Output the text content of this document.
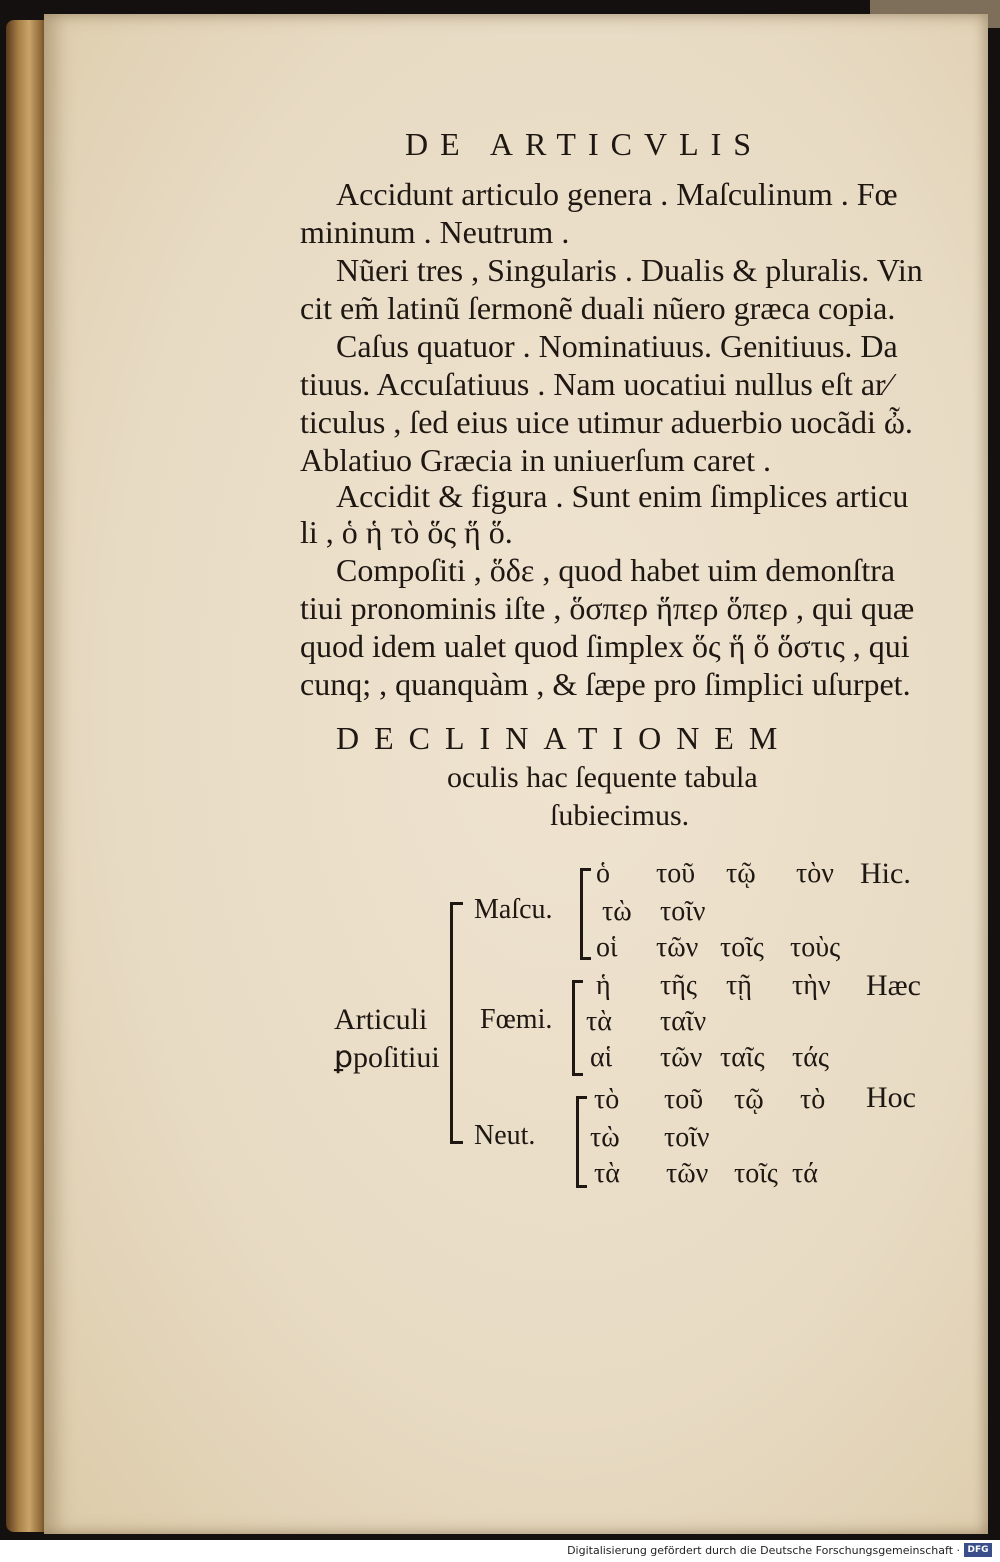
DE ARTICVLIS
Accidunt articulo genera . Maſculinum . Fœ
mininum . Neutrum .
Nũeri tres , Singularis . Dualis & pluralis. Vin
cit em̃ latinũ ſermonẽ duali nũero græca copia.
Caſus quatuor . Nominatiuus. Genitiuus. Da
tiuus. Accuſatiuus . Nam uocatiui nullus eſt ar⁄
ticulus , ſed eius uice utimur aduerbio uocãdi ὦ.
Ablatiuo Græcia in uniuerſum caret .
Accidit & figura . Sunt enim ſimplices articu
li , ὁ ἡ τὸ ὅς ἥ ὅ.
Compoſiti , ὅδε , quod habet uim demonſtra
tiui pronominis iſte , ὅσπερ ἥπερ ὅπερ , qui quæ
quod idem ualet quod ſimplex ὅς ἥ ὅ ὅστις , qui
cunq; , quanquàm , & ſæpe pro ſimplici uſurpet.
DECLINATIONEM
oculis hac ſequente tabula
ſubiecimus.
Articuli
ꝑpoſitiui
Maſcu.
ὁ τοῦ τῷ τὸν Hic.
τὼ τοῖν
οἱ τῶν τοῖς τοὺς
Fœmi.
ἡ τῆς τῇ τὴν Hæc
τὰ ταῖν
αἱ τῶν ταῖς τάς
Neut.
τὸ τοῦ τῷ τὸ Hoc
τὼ τοῖν
τὰ τῶν τοῖς τά
Digitalisierung gefördert durch die Deutsche Forschungsgemeinschaft · DFG
